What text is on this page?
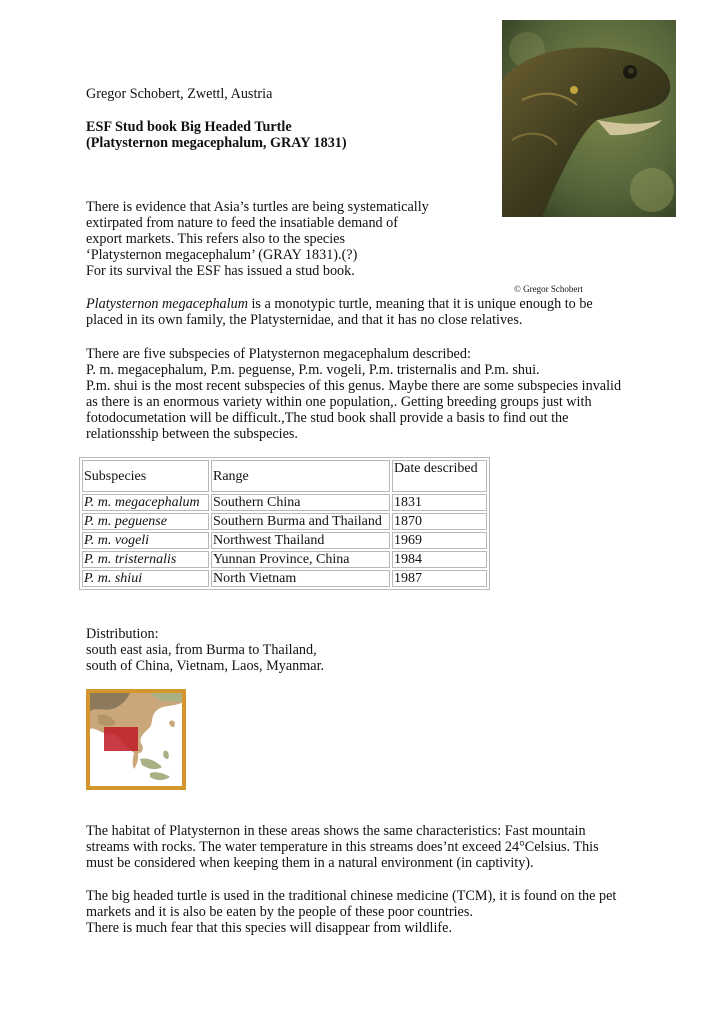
Gregor Schobert, Zwettl, Austria
ESF Stud book Big Headed Turtle
(Platysternon megacephalum, GRAY 1831)
There is evidence that Asia’s turtles are being systematically
extirpated from nature to feed the insatiable demand of
export markets. This refers also to the species
‘Platysternon megacephalum’ (GRAY 1831).(?)
For its survival the ESF has issued a stud book.
© Gregor Schobert
Platysternon megacephalum is a monotypic turtle, meaning that it is unique enough to be
placed in its own family, the Platysternidae, and that it has no close relatives.
There are five subspecies of Platysternon megacephalum described:
P. m. megacephalum, P.m. peguense, P.m. vogeli, P.m. tristernalis and P.m. shui.
P.m. shui is the most recent subspecies of this genus. Maybe there are some subspecies invalid
as there is an enormous variety within one population,. Getting breeding groups just with
fotodocumetation will be difficult.,The stud book shall provide a basis to find out the
relationsship between the subspecies.
Subspecies	Range	Date described
P. m. megacephalum	Southern China	1831
P. m. peguense	Southern Burma and Thailand	1870
P. m. vogeli	Northwest Thailand	1969
P. m. tristernalis	Yunnan Province, China	1984
P. m. shiui	North Vietnam	1987
Distribution:
south east asia, from Burma to Thailand,
south of China, Vietnam, Laos, Myanmar.
The habitat of Platysternon in these areas shows the same characteristics: Fast mountain
streams with rocks. The water temperature in this streams does’nt exceed 24°Celsius. This
must be considered when keeping them in a natural environment (in captivity).
The big headed turtle is used in the traditional chinese medicine (TCM), it is found on the pet
markets and it is also be eaten by the people of these poor countries.
There is much fear that this species will disappear from wildlife.
